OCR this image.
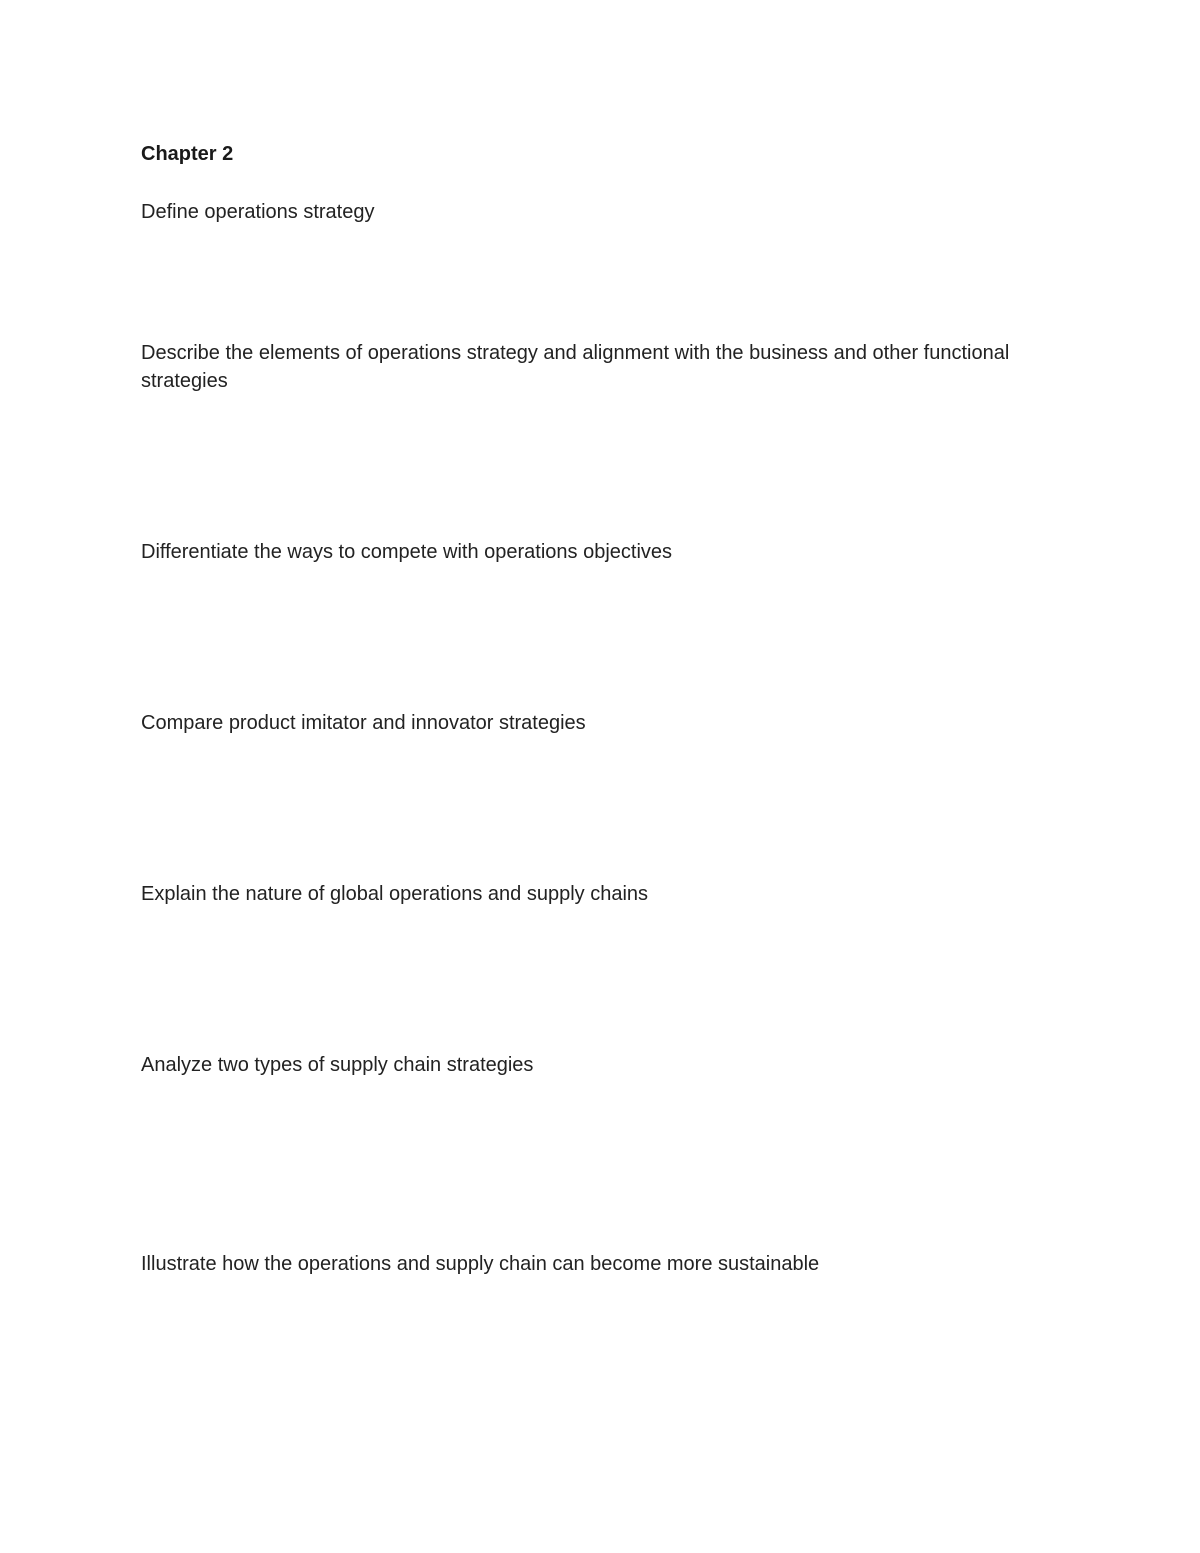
Chapter 2
Define operations strategy
Describe the elements of operations strategy and alignment with the business and other functional strategies
Differentiate the ways to compete with operations objectives
Compare product imitator and innovator strategies
Explain the nature of global operations and supply chains
Analyze two types of supply chain strategies
Illustrate how the operations and supply chain can become more sustainable
